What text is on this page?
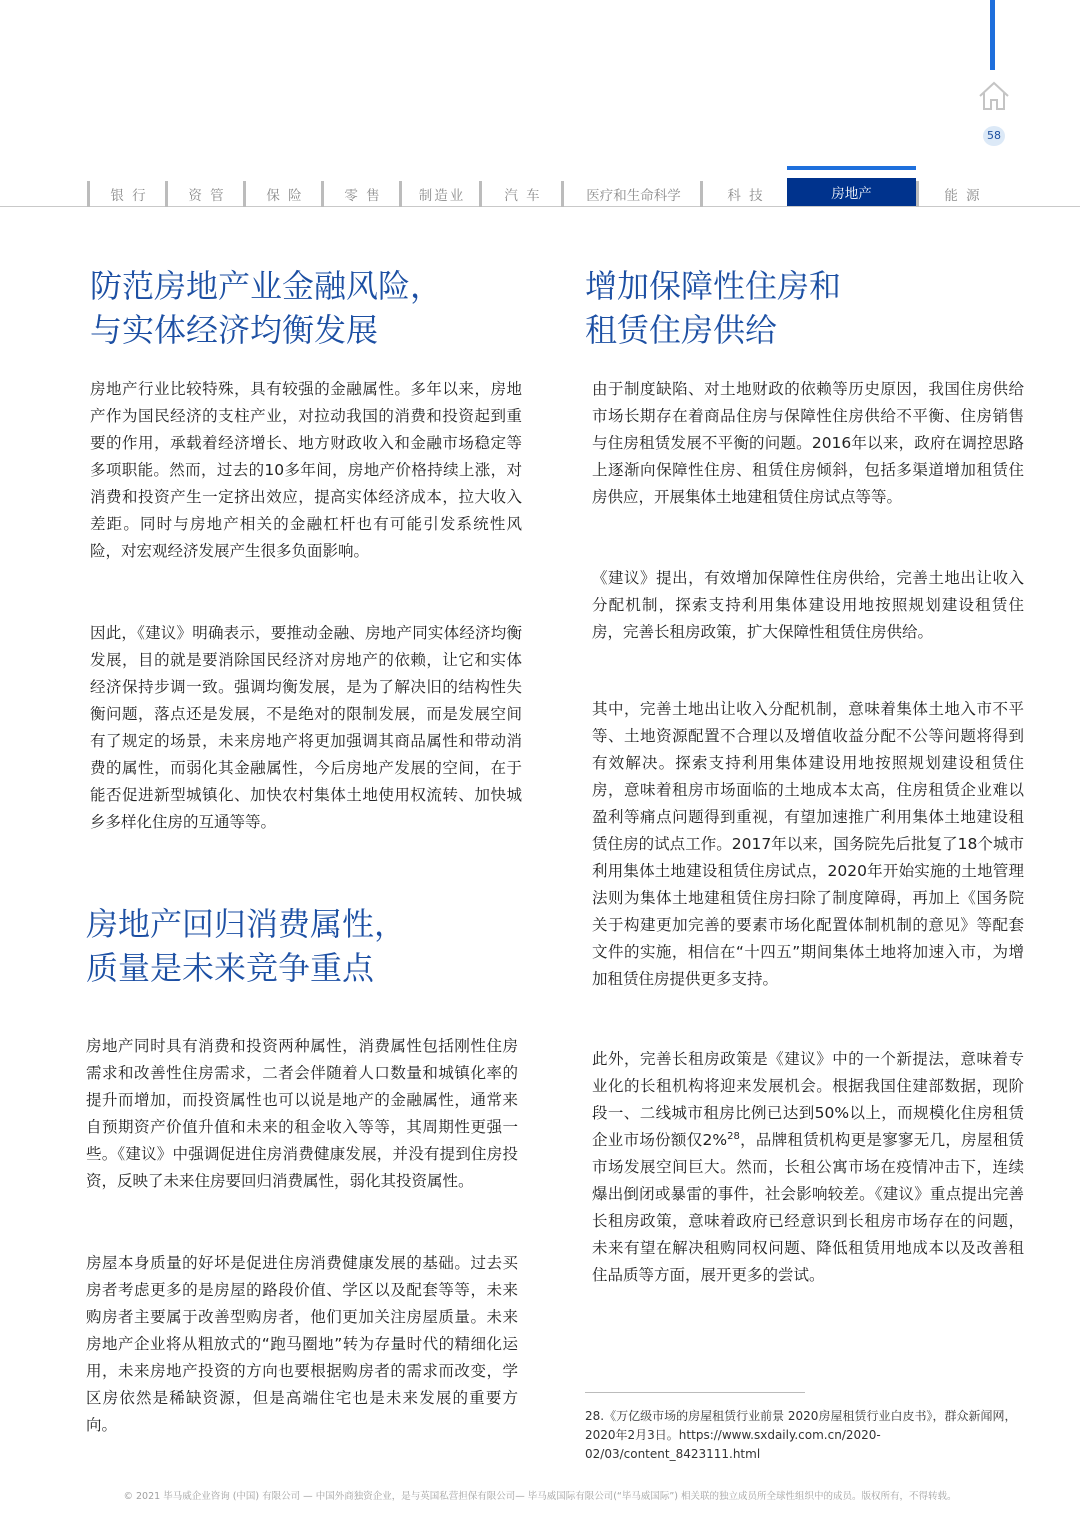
58
银 行	资 管	保 险	零 售	制造业	汽 车	医疗和生命科学	科 技	房地产	能 源
防范房地产业金融风险，
与实体经济均衡发展

房地产行业比较特殊，具有较强的金融属性。多年以来，房地产作为国民经济的支柱产业，对拉动我国的消费和投资起到重要的作用，承载着经济增长、地方财政收入和金融市场稳定等多项职能。然而，过去的10多年间，房地产价格持续上涨，对消费和投资产生一定挤出效应，提高实体经济成本，拉大收入差距。同时与房地产相关的金融杠杆也有可能引发系统性风险，对宏观经济发展产生很多负面影响。

因此，《建议》明确表示，要推动金融、房地产同实体经济均衡发展，目的就是要消除国民经济对房地产的依赖，让它和实体经济保持步调一致。强调均衡发展，是为了解决旧的结构性失衡问题，落点还是发展，不是绝对的限制发展，而是发展空间有了规定的场景，未来房地产将更加强调其商品属性和带动消费的属性，而弱化其金融属性，今后房地产发展的空间，在于能否促进新型城镇化、加快农村集体土地使用权流转、加快城乡多样化住房的互通等等。

房地产回归消费属性，
质量是未来竞争重点

房地产同时具有消费和投资两种属性，消费属性包括刚性住房需求和改善性住房需求，二者会伴随着人口数量和城镇化率的提升而增加，而投资属性也可以说是地产的金融属性，通常来自预期资产价值升值和未来的租金收入等等，其周期性更强一些。《建议》中强调促进住房消费健康发展，并没有提到住房投资，反映了未来住房要回归消费属性，弱化其投资属性。

房屋本身质量的好坏是促进住房消费健康发展的基础。过去买房者考虑更多的是房屋的路段价值、学区以及配套等等，未来购房者主要属于改善型购房者，他们更加关注房屋质量。未来房地产企业将从粗放式的“跑马圈地”转为存量时代的精细化运用，未来房地产投资的方向也要根据购房者的需求而改变，学区房依然是稀缺资源，但是高端住宅也是未来发展的重要方向。

增加保障性住房和
租赁住房供给

由于制度缺陷、对土地财政的依赖等历史原因，我国住房供给市场长期存在着商品住房与保障性住房供给不平衡、住房销售与住房租赁发展不平衡的问题。2016年以来，政府在调控思路上逐渐向保障性住房、租赁住房倾斜，包括多渠道增加租赁住房供应，开展集体土地建租赁住房试点等等。

《建议》提出，有效增加保障性住房供给，完善土地出让收入分配机制，探索支持利用集体建设用地按照规划建设租赁住房，完善长租房政策，扩大保障性租赁住房供给。

其中，完善土地出让收入分配机制，意味着集体土地入市不平等、土地资源配置不合理以及增值收益分配不公等问题将得到有效解决。探索支持利用集体建设用地按照规划建设租赁住房，意味着租房市场面临的土地成本太高，住房租赁企业难以盈利等痛点问题得到重视，有望加速推广利用集体土地建设租赁住房的试点工作。2017年以来，国务院先后批复了18个城市利用集体土地建设租赁住房试点，2020年开始实施的土地管理法则为集体土地建租赁住房扫除了制度障碍，再加上《国务院关于构建更加完善的要素市场化配置体制机制的意见》等配套文件的实施，相信在“十四五”期间集体土地将加速入市，为增加租赁住房提供更多支持。

此外，完善长租房政策是《建议》中的一个新提法，意味着专业化的长租机构将迎来发展机会。根据我国住建部数据，现阶段一、二线城市租房比例已达到50%以上，而规模化住房租赁企业市场份额仅2%$^{28}$，品牌租赁机构更是寥寥无几，房屋租赁市场发展空间巨大。然而，长租公寓市场在疫情冲击下，连续爆出倒闭或暴雷的事件，社会影响较差。《建议》重点提出完善长租房政策，意味着政府已经意识到长租房市场存在的问题，未来有望在解决租购同权问题、降低租赁用地成本以及改善租住品质等方面，展开更多的尝试。

28.《万亿级市场的房屋租赁行业前景 2020房屋租赁行业白皮书》，群众新闻网，2020年2月3日。https://www.sxdaily.com.cn/2020-02/03/content_8423111.html

© 2021 毕马威企业咨询 (中国) 有限公司 — 中国外商独资企业，是与英国私营担保有限公司— 毕马威国际有限公司(“毕马威国际”) 相关联的独立成员所全球性组织中的成员。版权所有，不得转载。
